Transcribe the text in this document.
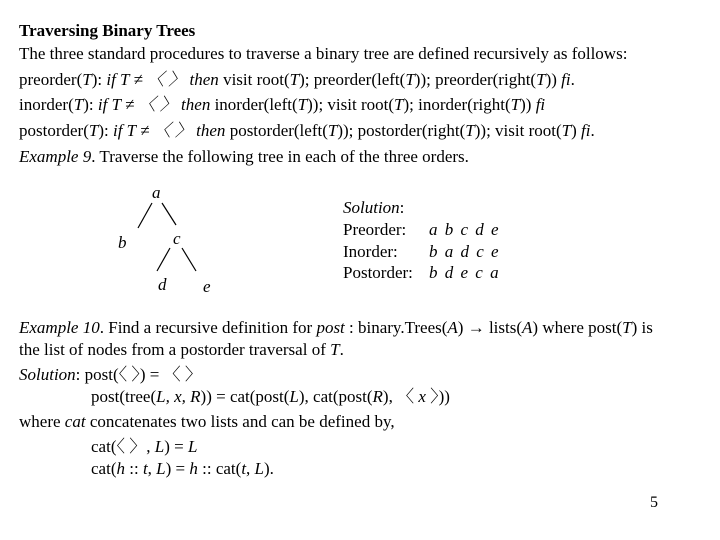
Traversing Binary Trees
The three standard procedures to traverse a binary tree are defined recursively as follows:
preorder(T): if T ≠ 〈 〉 then visit root(T); preorder(left(T)); preorder(right(T)) fi.
inorder(T): if T ≠ 〈 〉 then inorder(left(T)); visit root(T); inorder(right(T)) fi
postorder(T): if T ≠ 〈 〉 then postorder(left(T)); postorder(right(T)); visit root(T) fi.
Example 9. Traverse the following tree in each of the three orders.
a
b	c
d e
Solution:
Preorder: a b c d e
Inorder: b a d c e
Postorder: b d e c a
Example 10. Find a recursive definition for post : binary.Trees(A) → lists(A) where post(T) is
the list of nodes from a postorder traversal of T.
Solution: post(〈 〉) = 〈 〉
post(tree(L, x, R)) = cat(post(L), cat(post(R), 〈 x 〉))
where cat concatenates two lists and can be defined by,
cat(〈 〉, L) = L
cat(h :: t, L) = h :: cat(t, L).
5
